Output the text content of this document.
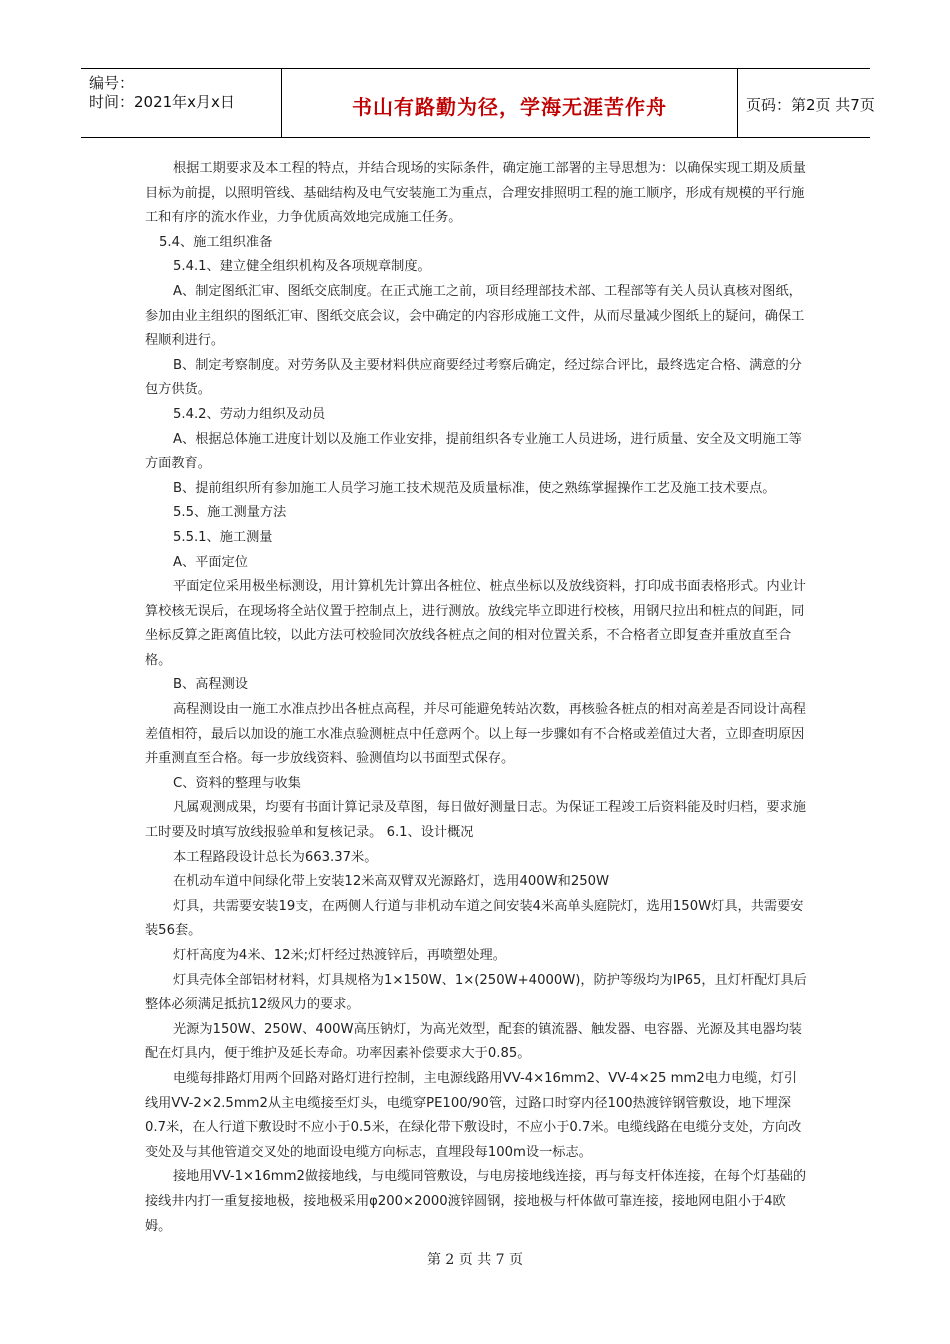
编号：
时间：2021年x月x日	书山有路勤为径，学海无涯苦作舟	页码：第2页 共7页

根据工期要求及本工程的特点，并结合现场的实际条件，确定施工部署的主导思想为：以确保实现工期及质量目标为前提，以照明管线、基础结构及电气安装施工为重点，合理安排照明工程的施工顺序，形成有规模的平行施工和有序的流水作业，力争优质高效地完成施工任务。

5.4、施工组织准备

5.4.1、建立健全组织机构及各项规章制度。

A、制定图纸汇审、图纸交底制度。在正式施工之前，项目经理部技术部、工程部等有关人员认真核对图纸，参加由业主组织的图纸汇审、图纸交底会议，会中确定的内容形成施工文件，从而尽量减少图纸上的疑问，确保工程顺利进行。

B、制定考察制度。对劳务队及主要材料供应商要经过考察后确定，经过综合评比，最终选定合格、满意的分包方供货。

5.4.2、劳动力组织及动员

A、根据总体施工进度计划以及施工作业安排，提前组织各专业施工人员进场，进行质量、安全及文明施工等方面教育。

B、提前组织所有参加施工人员学习施工技术规范及质量标准，使之熟练掌握操作工艺及施工技术要点。

5.5、施工测量方法

5.5.1、施工测量

A、平面定位

平面定位采用极坐标测设，用计算机先计算出各桩位、桩点坐标以及放线资料，打印成书面表格形式。内业计算校核无误后，在现场将全站仪置于控制点上，进行测放。放线完毕立即进行校核，用钢尺拉出和桩点的间距，同坐标反算之距离值比较，以此方法可校验同次放线各桩点之间的相对位置关系，不合格者立即复查并重放直至合格。

B、高程测设

高程测设由一施工水准点抄出各桩点高程，并尽可能避免转站次数，再核验各桩点的相对高差是否同设计高程差值相符，最后以加设的施工水准点验测桩点中任意两个。以上每一步骤如有不合格或差值过大者，立即查明原因并重测直至合格。每一步放线资料、验测值均以书面型式保存。

C、资料的整理与收集

凡属观测成果，均要有书面计算记录及草图，每日做好测量日志。为保证工程竣工后资料能及时归档，要求施工时要及时填写放线报验单和复核记录。 6.1、设计概况

本工程路段设计总长为663.37米。

在机动车道中间绿化带上安装12米高双臂双光源路灯，选用400W和250W

灯具，共需要安装19支，在两侧人行道与非机动车道之间安装4米高单头庭院灯，选用150W灯具，共需要安装56套。

灯杆高度为4米、12米;灯杆经过热渡锌后，再喷塑处理。

灯具壳体全部铝材材料，灯具规格为1×150W、1×(250W+4000W)，防护等级均为IP65，且灯杆配灯具后整体必须满足抵抗12级风力的要求。

光源为150W、250W、400W高压钠灯，为高光效型，配套的镇流器、触发器、电容器、光源及其电器均装配在灯具内，便于维护及延长寿命。功率因素补偿要求大于0.85。

电缆每排路灯用两个回路对路灯进行控制，主电源线路用VV-4×16mm2、VV-4×25 mm2电力电缆，灯引线用VV-2×2.5mm2从主电缆接至灯头，电缆穿PE100/90管，过路口时穿内径100热渡锌钢管敷设，地下埋深0.7米，在人行道下敷设时不应小于0.5米，在绿化带下敷设时，不应小于0.7米。电缆线路在电缆分支处，方向改变处及与其他管道交叉处的地面设电缆方向标志，直埋段每100m设一标志。

接地用VV-1×16mm2做接地线，与电缆同管敷设，与电房接地线连接，再与每支杆体连接，在每个灯基础的接线井内打一重复接地极，接地极采用φ200×2000渡锌圆钢，接地极与杆体做可靠连接，接地网电阻小于4欧姆。

第 2 页 共 7 页
